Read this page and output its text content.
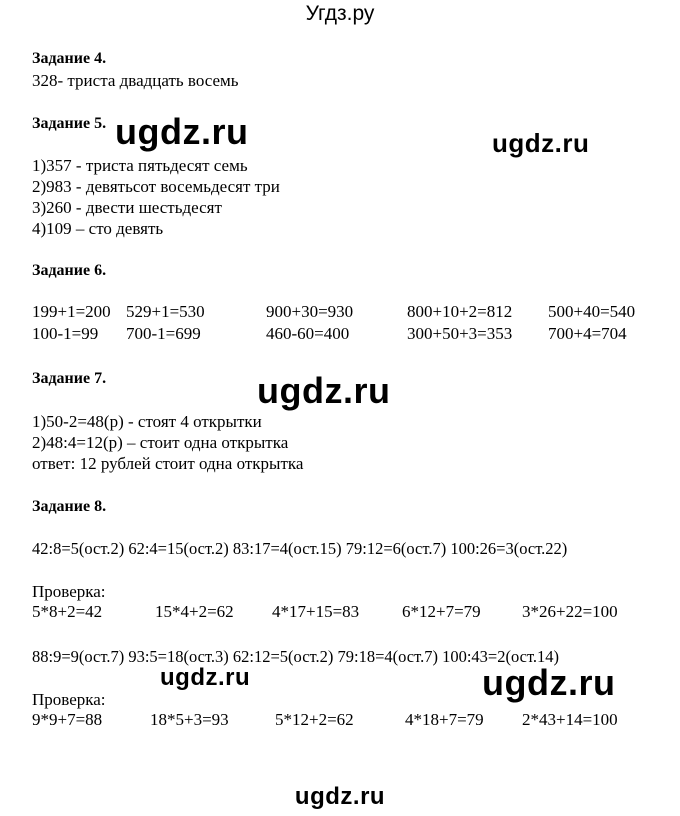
Угдз.ру
Задание 4.
328- триста двадцать восемь
Задание 5. ugdz.ru	ugdz.ru
1)357 - триста пятьдесят семь
2)983 - девятьсот восемьдесят три
3)260 - двести шестьдесят
4)109 – сто девять
Задание 6.
199+1=200 529+1=530	900+30=930	800+10+2=812 500+40=540
100-1=99 700-1=699	460-60=400	300+50+3=353 700+4=704
Задание 7.	ugdz.ru
1)50-2=48(р) - стоят 4 открытки
2)48:4=12(р) – стоит одна открытка
ответ: 12 рублей стоит одна открытка
Задание 8.
42:8=5(ост.2) 62:4=15(ост.2) 83:17=4(ост.15) 79:12=6(ост.7) 100:26=3(ост.22)
Проверка:
5*8+2=42	15*4+2=62 4*17+15=83	6*12+7=79 3*26+22=100
88:9=9(ост.7) 93:5=18(ост.3) 62:12=5(ост.2) 79:18=4(ост.7) 100:43=2(ост.14)
ugdz.ru	ugdz.ru
Проверка:
9*9+7=88	18*5+3=93	5*12+2=62	4*18+7=79 2*43+14=100
ugdz.ru
